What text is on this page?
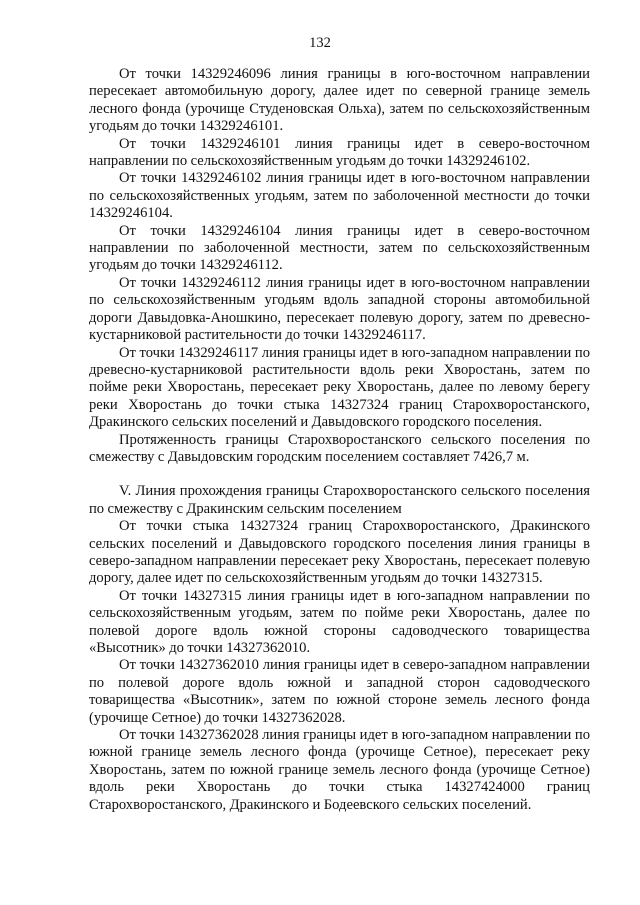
132

От точки 14329246096 линия границы в юго-восточном направлении пересекает автомобильную дорогу, далее идет по северной границе земель лесного фонда (урочище Студеновская Ольха), затем по сельскохозяйственным угодьям до точки 14329246101.

От точки 14329246101 линия границы идет в северо-восточном направлении по сельскохозяйственным угодьям до точки 14329246102.

От точки 14329246102 линия границы идет в юго-восточном направлении по сельскохозяйственных угодьям, затем по заболоченной местности до точки 14329246104.

От точки 14329246104 линия границы идет в северо-восточном направлении по заболоченной местности, затем по сельскохозяйственным угодьям до точки 14329246112.

От точки 14329246112 линия границы идет в юго-восточном направлении по сельскохозяйственным угодьям вдоль западной стороны автомобильной дороги Давыдовка-Аношкино, пересекает полевую дорогу, затем по древесно-кустарниковой растительности до точки 14329246117.

От точки 14329246117 линия границы идет в юго-западном направлении по древесно-кустарниковой растительности вдоль реки Хворостань, затем по пойме реки Хворостань, пересекает реку Хворостань, далее по левому берегу реки Хворостань до точки стыка 14327324 границ Старохворостанского, Дракинского сельских поселений и Давыдовского городского поселения.

Протяженность границы Старохворостанского сельского поселения по смежеству с Давыдовским городским поселением составляет 7426,7 м.

V. Линия прохождения границы Старохворостанского сельского поселения по смежеству с Дракинским сельским поселением

От точки стыка 14327324 границ Старохворостанского, Дракинского сельских поселений и Давыдовского городского поселения линия границы в северо-западном направлении пересекает реку Хворостань, пересекает полевую дорогу, далее идет по сельскохозяйственным угодьям до точки 14327315.

От точки 14327315 линия границы идет в юго-западном направлении по сельскохозяйственным угодьям, затем по пойме реки Хворостань, далее по полевой дороге вдоль южной стороны садоводческого товарищества «Высотник» до точки 14327362010.

От точки 14327362010 линия границы идет в северо-западном направлении по полевой дороге вдоль южной и западной сторон садоводческого товарищества «Высотник», затем по южной стороне земель лесного фонда (урочище Сетное) до точки 14327362028.

От точки 14327362028 линия границы идет в юго-западном направлении по южной границе земель лесного фонда (урочище Сетное), пересекает реку Хворостань, затем по южной границе земель лесного фонда (урочище Сетное) вдоль реки Хворостань до точки стыка 14327424000 границ Старохворостанского, Дракинского и Бодеевского сельских поселений.
